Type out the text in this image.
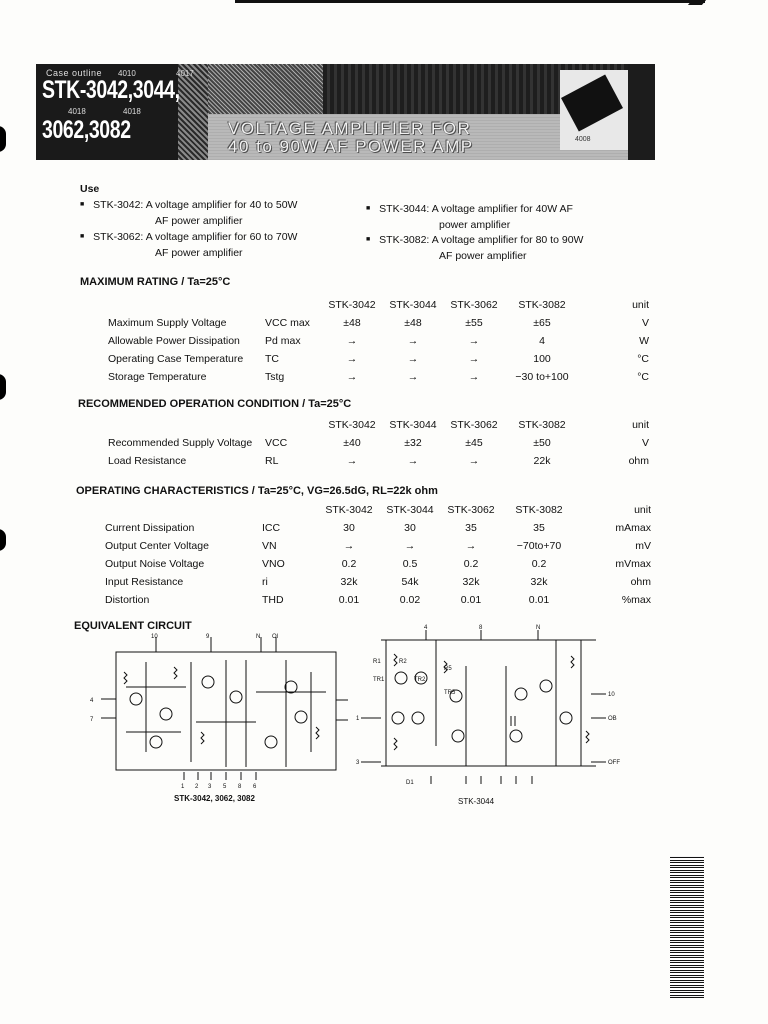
Case outline 4010	4017
4018	4018
STK-3042,3044,
3062,3082	VOLTAGE AMPLIFIER FOR
40 to 90W AF POWER AMP	4008
Use
■ STK-3042: A voltage amplifier for 40 to 50W
AF power amplifier
■ STK-3062: A voltage amplifier for 60 to 70W
AF power amplifier
■ STK-3044: A voltage amplifier for 40W AF
power amplifier
■ STK-3082: A voltage amplifier for 80 to 90W
AF power amplifier
MAXIMUM RATING / Ta=25°C
		STK-3042	STK-3044	STK-3062	STK-3082	unit
Maximum Supply Voltage	VCC max	±48	±48	±55	±65	V
Allowable Power Dissipation	Pd max	→	→	→	4	W
Operating Case Temperature	TC	→	→	→	100	°C
Storage Temperature	Tstg	→	→	→	−30 to+100	°C
RECOMMENDED OPERATION CONDITION / Ta=25°C
		STK-3042	STK-3044	STK-3062	STK-3082	unit
Recommended Supply Voltage	VCC	±40	±32	±45	±50	V
Load Resistance	RL	→	→	→	22k	ohm
OPERATING CHARACTERISTICS / Ta=25°C, VG=26.5dG, RL=22k ohm
		STK-3042	STK-3044	STK-3062	STK-3082	unit
Current Dissipation	ICC	30	30	35	35	mAmax
Output Center Voltage	VN	→	→	→	−70to+70	mV
Output Noise Voltage	VNO	0.2	0.5	0.2	0.2	mVmax
Input Resistance	ri	32k	54k	32k	32k	ohm
Distortion	THD	0.01	0.02	0.01	0.01	%max
EQUIVALENT CIRCUIT
10	9	N Ol
4
7
1 2 3 5 8 6
STK-3042, 3062, 3082
4	8	N
R1	R2
R5
TR1	TR2
TR5
1
3
10
OB
OFF
D1
STK-3044
